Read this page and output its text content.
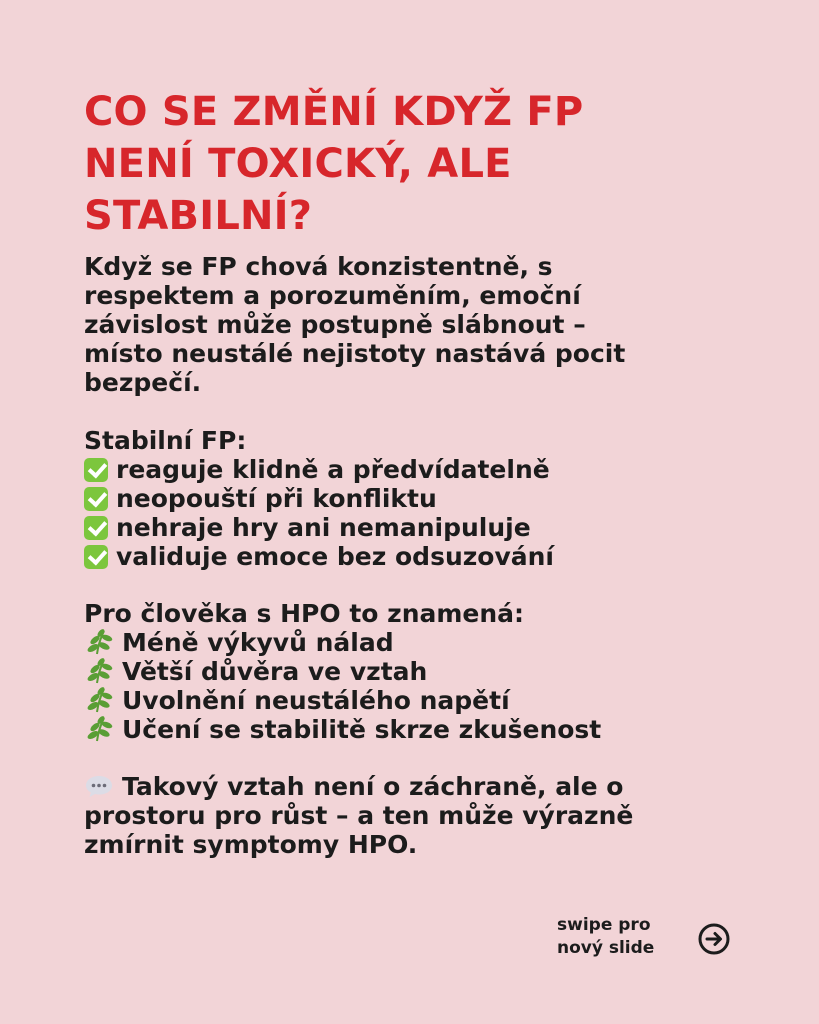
CO SE ZMĚNÍ KDYŽ FP
NENÍ TOXICKÝ, ALE
STABILNÍ?
Když se FP chová konzistentně, s
respektem a porozuměním, emoční
závislost může postupně slábnout –
místo neustálé nejistoty nastává pocit
bezpečí.
Stabilní FP:
reaguje klidně a předvídatelně
neopouští při konfliktu
nehraje hry ani nemanipuluje
validuje emoce bez odsuzování
Pro člověka s HPO to znamená:
Méně výkyvů nálad
Větší důvěra ve vztah
Uvolnění neustálého napětí
Učení se stabilitě skrze zkušenost
Takový vztah není o záchraně, ale o
prostoru pro růst – a ten může výrazně
zmírnit symptomy HPO.
swipe pro
nový slide
